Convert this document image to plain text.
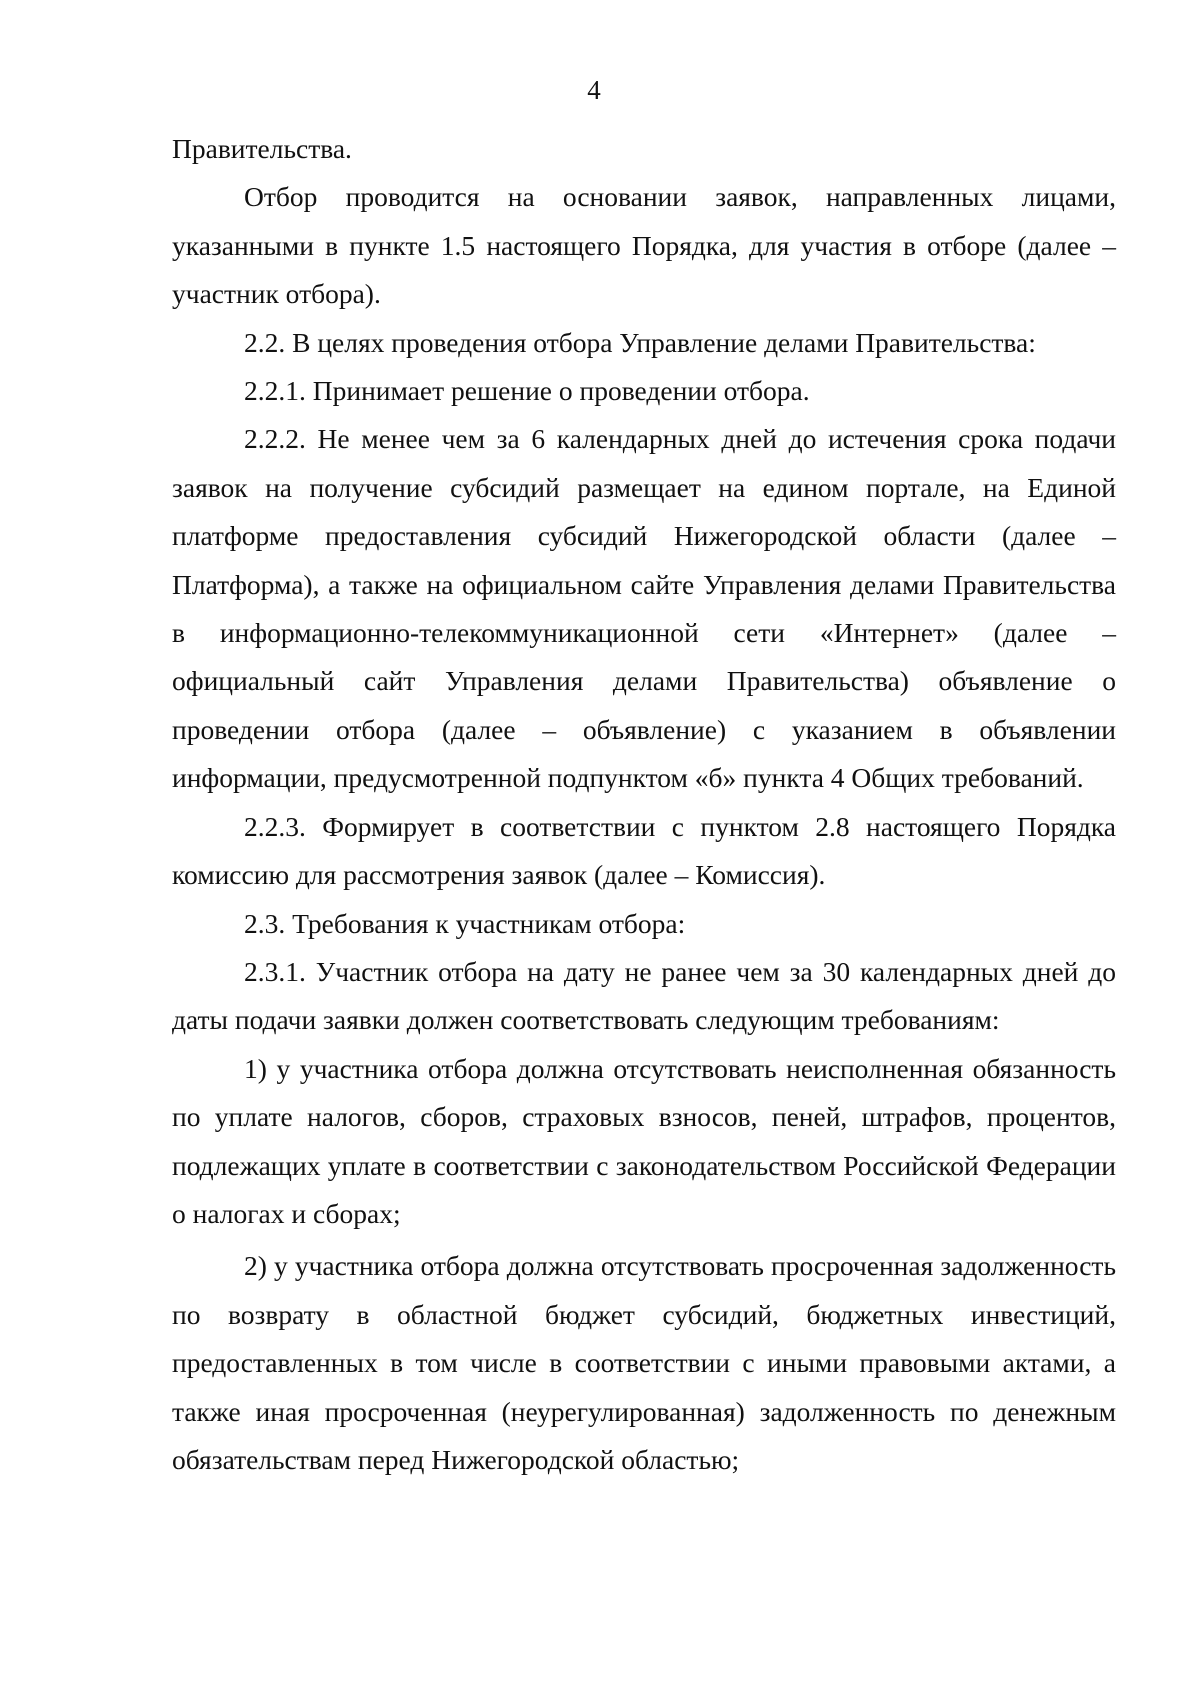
4

Правительства.

Отбор проводится на основании заявок, направленных лицами, указанными в пункте 1.5 настоящего Порядка, для участия в отборе (далее – участник отбора).

2.2. В целях проведения отбора Управление делами Правительства:

2.2.1. Принимает решение о проведении отбора.

2.2.2. Не менее чем за 6 календарных дней до истечения срока подачи заявок на получение субсидий размещает на едином портале, на Единой платформе предоставления субсидий Нижегородской области (далее – Платформа), а также на официальном сайте Управления делами Правительства в информационно-телекоммуникационной сети «Интернет» (далее – официальный сайт Управления делами Правительства) объявление о проведении отбора (далее – объявление) с указанием в объявлении информации, предусмотренной подпунктом «б» пункта 4 Общих требований.

2.2.3. Формирует в соответствии с пунктом 2.8 настоящего Порядка комиссию для рассмотрения заявок (далее – Комиссия).

2.3. Требования к участникам отбора:

2.3.1. Участник отбора на дату не ранее чем за 30 календарных дней до даты подачи заявки должен соответствовать следующим требованиям:

1) у участника отбора должна отсутствовать неисполненная обязанность по уплате налогов, сборов, страховых взносов, пеней, штрафов, процентов, подлежащих уплате в соответствии с законодательством Российской Федерации о налогах и сборах;

2) у участника отбора должна отсутствовать просроченная задолженность по возврату в областной бюджет субсидий, бюджетных инвестиций, предоставленных в том числе в соответствии с иными правовыми актами, а также иная просроченная (неурегулированная) задолженность по денежным обязательствам перед Нижегородской областью;
